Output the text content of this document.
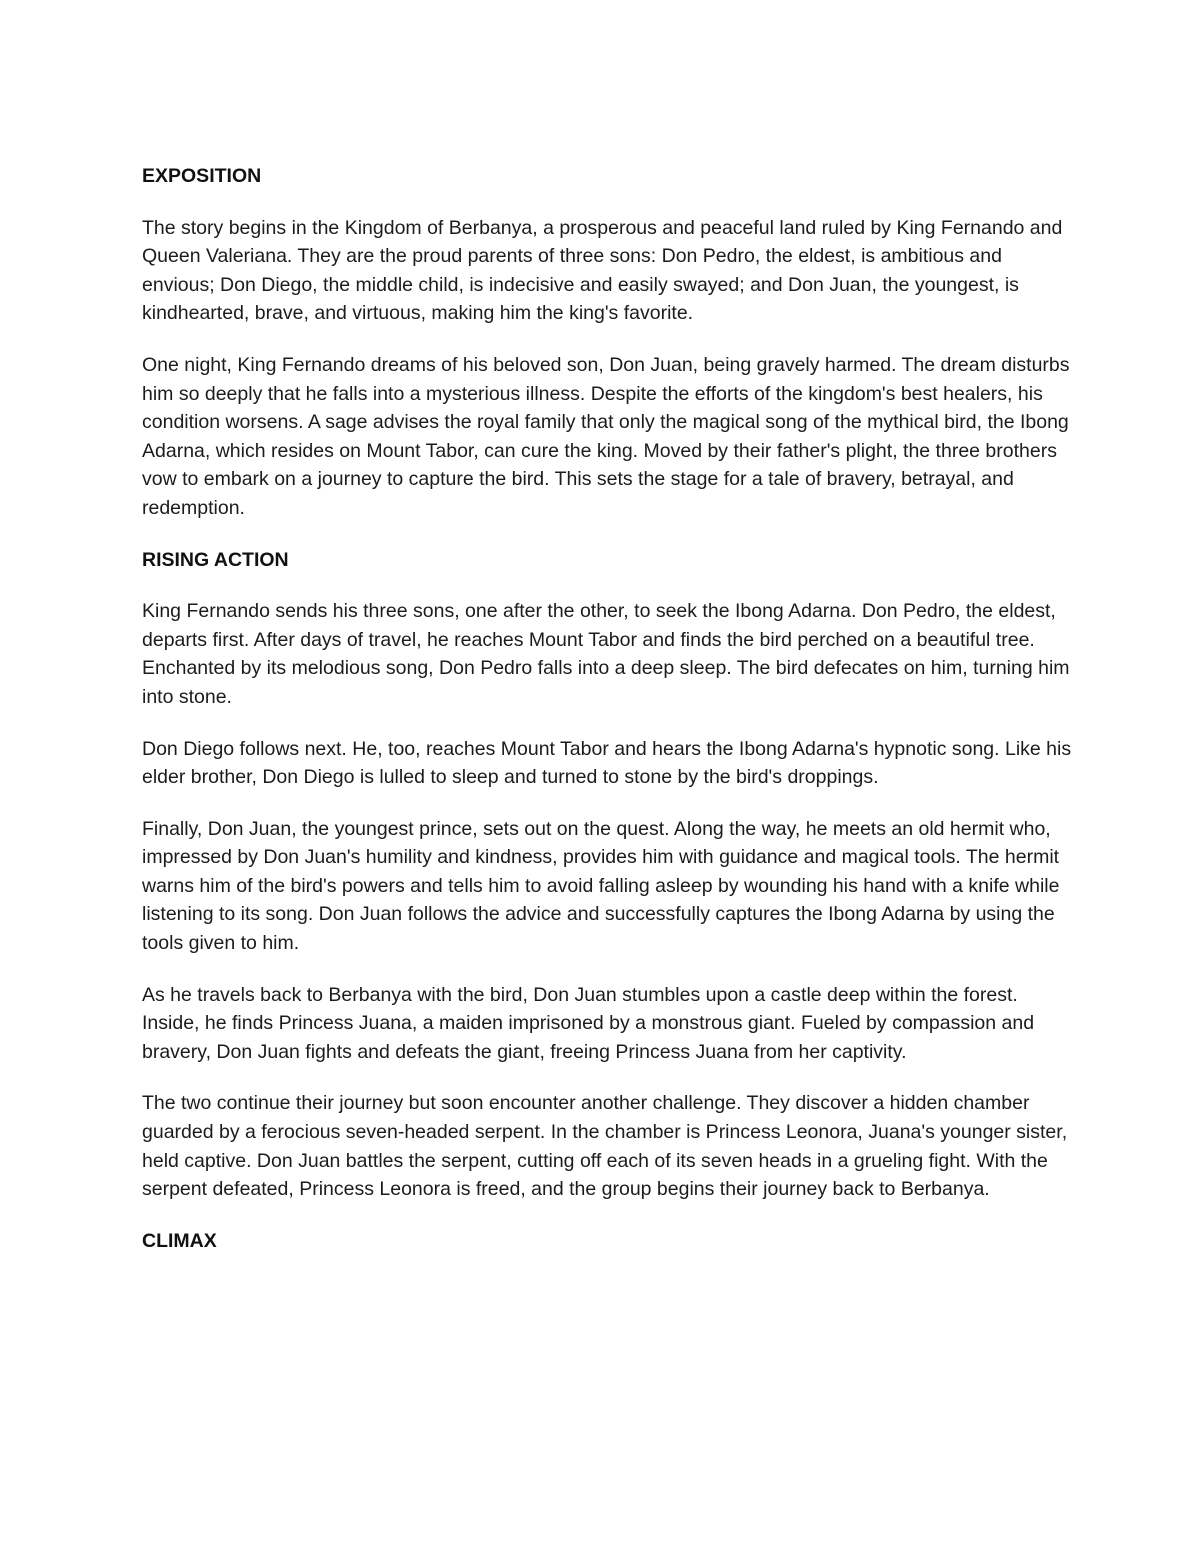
EXPOSITION

The story begins in the Kingdom of Berbanya, a prosperous and peaceful land ruled by King Fernando and Queen Valeriana. They are the proud parents of three sons: Don Pedro, the eldest, is ambitious and envious; Don Diego, the middle child, is indecisive and easily swayed; and Don Juan, the youngest, is kindhearted, brave, and virtuous, making him the king's favorite.

One night, King Fernando dreams of his beloved son, Don Juan, being gravely harmed. The dream disturbs him so deeply that he falls into a mysterious illness. Despite the efforts of the kingdom's best healers, his condition worsens. A sage advises the royal family that only the magical song of the mythical bird, the Ibong Adarna, which resides on Mount Tabor, can cure the king. Moved by their father's plight, the three brothers vow to embark on a journey to capture the bird. This sets the stage for a tale of bravery, betrayal, and redemption.

RISING ACTION

King Fernando sends his three sons, one after the other, to seek the Ibong Adarna. Don Pedro, the eldest, departs first. After days of travel, he reaches Mount Tabor and finds the bird perched on a beautiful tree. Enchanted by its melodious song, Don Pedro falls into a deep sleep. The bird defecates on him, turning him into stone.

Don Diego follows next. He, too, reaches Mount Tabor and hears the Ibong Adarna's hypnotic song. Like his elder brother, Don Diego is lulled to sleep and turned to stone by the bird's droppings.

Finally, Don Juan, the youngest prince, sets out on the quest. Along the way, he meets an old hermit who, impressed by Don Juan's humility and kindness, provides him with guidance and magical tools. The hermit warns him of the bird's powers and tells him to avoid falling asleep by wounding his hand with a knife while listening to its song. Don Juan follows the advice and successfully captures the Ibong Adarna by using the tools given to him.

As he travels back to Berbanya with the bird, Don Juan stumbles upon a castle deep within the forest. Inside, he finds Princess Juana, a maiden imprisoned by a monstrous giant. Fueled by compassion and bravery, Don Juan fights and defeats the giant, freeing Princess Juana from her captivity.

The two continue their journey but soon encounter another challenge. They discover a hidden chamber guarded by a ferocious seven-headed serpent. In the chamber is Princess Leonora, Juana's younger sister, held captive. Don Juan battles the serpent, cutting off each of its seven heads in a grueling fight. With the serpent defeated, Princess Leonora is freed, and the group begins their journey back to Berbanya.

CLIMAX
